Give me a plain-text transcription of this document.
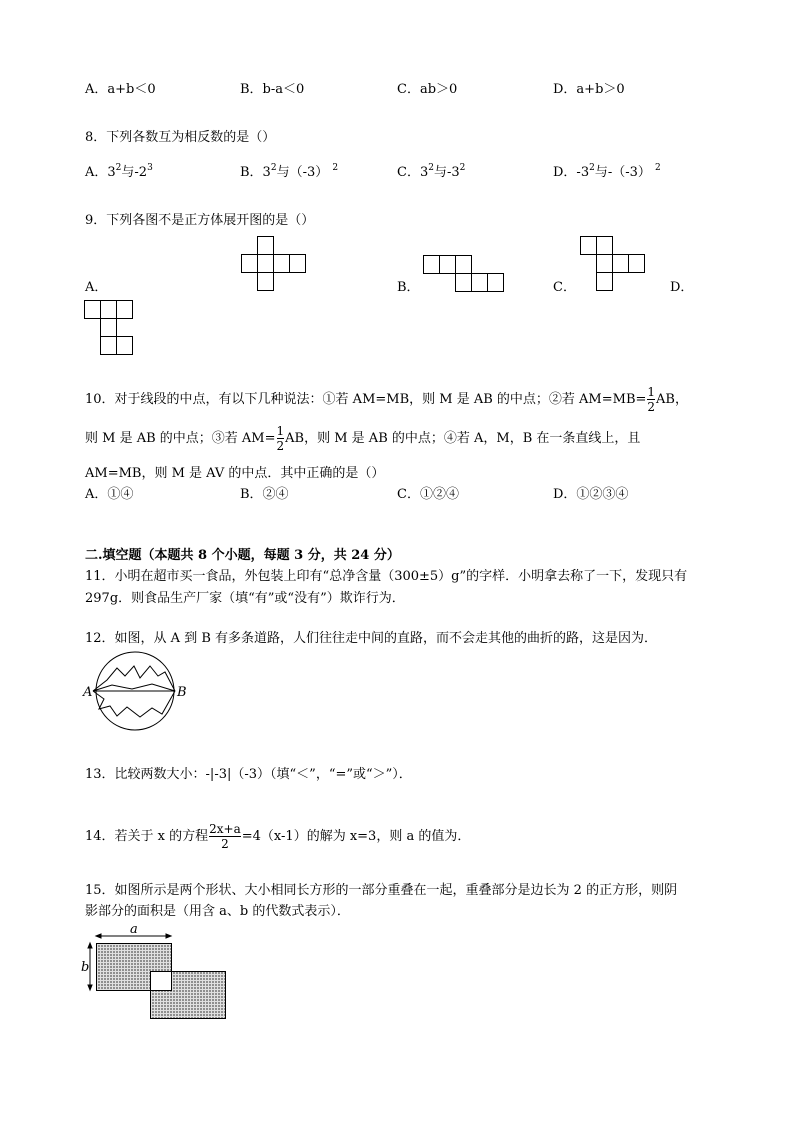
A．a+b＜0	B．b-a＜0	C．ab＞0	D．a+b＞0
8．下列各数互为相反数的是（）
A．$3^2$与$-2^3$	B．$3^2$与（-3） $^2$	C．$3^2$与$-3^2$	D．$-3^2$与-（-3） $^2$
9．下列各图不是正方体展开图的是（）
A．	B．	C．	D．
10．对于线段的中点，有以下几种说法：①若 AM=MB，则 M 是 AB 的中点；②若 $AM=MB= \frac{1}{2}$ AB，
则 M 是 AB 的中点；③若 $AM= \frac{1}{2}$ AB，则 M 是 AB 的中点；④若 A，M，B 在一条直线上，且
AM=MB，则 M 是 AV 的中点．其中正确的是（）
A．①④	B．②④	C．①②④	D．①②③④
二.填空题（本题共 8 个小题，每题 3 分，共 24 分）
11．小明在超市买一食品，外包装上印有“总净含量（300±5）g”的字样．小明拿去称了一下，发现只有
297g．则食品生产厂家（填“有”或“没有”）欺诈行为．
12．如图，从 A 到 B 有多条道路，人们往往走中间的直路，而不会走其他的曲折的路，这是因为．
A	B
13．比较两数大小：-|-3|（-3）（填“＜”，“=”或“＞”）．
14．若关于 x 的方程 $\frac{2x+a}{2} =4(x-1)$的解为 x=3，则 a 的值为．
15．如图所示是两个形状、大小相同长方形的一部分重叠在一起，重叠部分是边长为 2 的正方形，则阴
影部分的面积是（用含 a、b 的代数式表示）．
a
b
